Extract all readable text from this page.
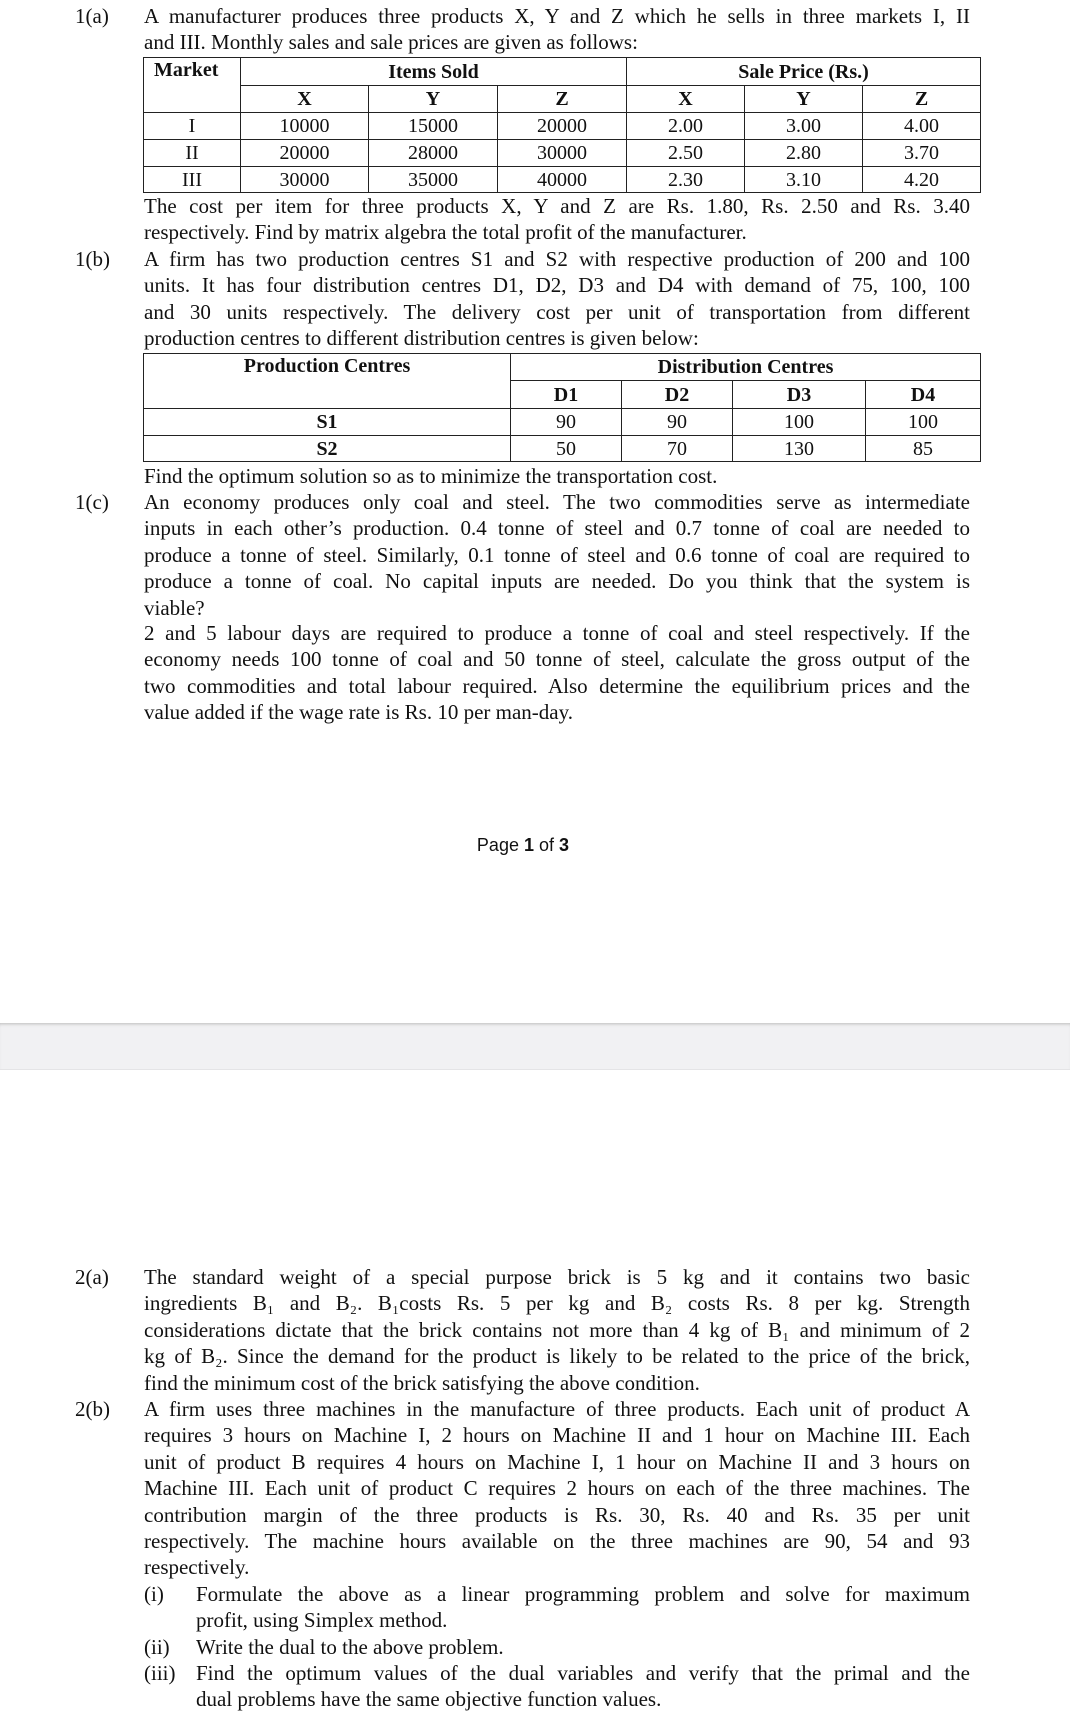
1(a) A manufacturer produces three products X, Y and Z which he sells in three markets I, II
and III. Monthly sales and sale prices are given as follows:
Market	Items Sold			Sale Price (Rs.)		
	X	Y	Z	X	Y	Z
I	10000	15000	20000	2.00	3.00	4.00
II	20000	28000	30000	2.50	2.80	3.70
III	30000	35000	40000	2.30	3.10	4.20
The cost per item for three products X, Y and Z are Rs. 1.80, Rs. 2.50 and Rs. 3.40
respectively. Find by matrix algebra the total profit of the manufacturer.
1(b) A firm has two production centres S1 and S2 with respective production of 200 and 100
units. It has four distribution centres D1, D2, D3 and D4 with demand of 75, 100, 100
and 30 units respectively. The delivery cost per unit of transportation from different
production centres to different distribution centres is given below:
Production Centres	Distribution Centres			
	D1	D2	D3	D4
S1	90	90	100	100
S2	50	70	130	85
Find the optimum solution so as to minimize the transportation cost.
1(c) An economy produces only coal and steel. The two commodities serve as intermediate
inputs in each other’s production. 0.4 tonne of steel and 0.7 tonne of coal are needed to
produce a tonne of steel. Similarly, 0.1 tonne of steel and 0.6 tonne of coal are required to
produce a tonne of coal. No capital inputs are needed. Do you think that the system is
viable?
2 and 5 labour days are required to produce a tonne of coal and steel respectively. If the
economy needs 100 tonne of coal and 50 tonne of steel, calculate the gross output of the
two commodities and total labour required. Also determine the equilibrium prices and the
value added if the wage rate is Rs. 10 per man-day.
Page 1 of 3
2(a) The standard weight of a special purpose brick is 5 kg and it contains two basic
ingredients B₁ and B₂. B₁costs Rs. 5 per kg and B₂ costs Rs. 8 per kg. Strength
considerations dictate that the brick contains not more than 4 kg of B₁ and minimum of 2
kg of B₂. Since the demand for the product is likely to be related to the price of the brick,
find the minimum cost of the brick satisfying the above condition.
2(b) A firm uses three machines in the manufacture of three products. Each unit of product A
requires 3 hours on Machine I, 2 hours on Machine II and 1 hour on Machine III. Each
unit of product B requires 4 hours on Machine I, 1 hour on Machine II and 3 hours on
Machine III. Each unit of product C requires 2 hours on each of the three machines. The
contribution margin of the three products is Rs. 30, Rs. 40 and Rs. 35 per unit
respectively. The machine hours available on the three machines are 90, 54 and 93
respectively.
(i) Formulate the above as a linear programming problem and solve for maximum
profit, using Simplex method.
(ii) Write the dual to the above problem.
(iii) Find the optimum values of the dual variables and verify that the primal and the
dual problems have the same objective function values.
